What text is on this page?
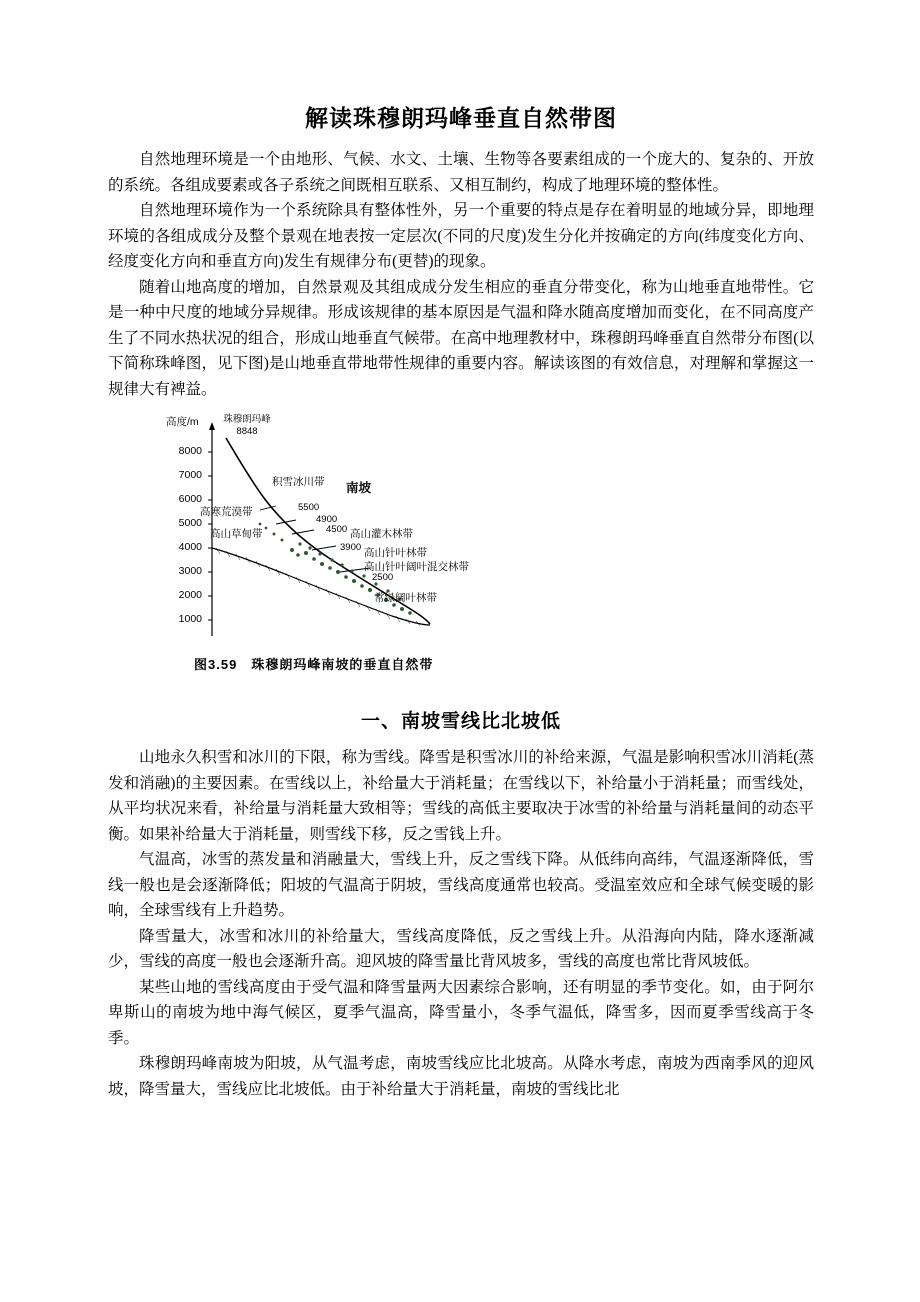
解读珠穆朗玛峰垂直自然带图

自然地理环境是一个由地形、气候、水文、土壤、生物等各要素组成的一个庞大的、复杂的、开放的系统。各组成要素或各子系统之间既相互联系、又相互制约，构成了地理环境的整体性。

自然地理环境作为一个系统除具有整体性外，另一个重要的特点是存在着明显的地域分异，即地理环境的各组成成分及整个景观在地表按一定层次(不同的尺度)发生分化并按确定的方向(纬度变化方向、经度变化方向和垂直方向)发生有规律分布(更替)的现象。

随着山地高度的增加，自然景观及其组成成分发生相应的垂直分带变化，称为山地垂直地带性。它是一种中尺度的地域分异规律。形成该规律的基本原因是气温和降水随高度增加而变化，在不同高度产生了不同水热状况的组合，形成山地垂直气候带。在高中地理教材中，珠穆朗玛峰垂直自然带分布图(以下简称珠峰图，见下图)是山地垂直带地带性规律的重要内容。解读该图的有效信息，对理解和掌握这一规律大有裨益。

高度/m
8000
7000
6000
5000
4000
3000
2000
1000
珠穆朗玛峰
8848
南坡
积雪冰川带
5500
高寒荒漠带
4900
高山草甸带	4500 高山灌木林带
3900 高山针叶林带
高山针叶阔叶混交林带
2500
常绿阔叶林带
图3.59 珠穆朗玛峰南坡的垂直自然带
一、南坡雪线比北坡低

山地永久积雪和冰川的下限，称为雪线。降雪是积雪冰川的补给来源，气温是影响积雪冰川消耗(蒸发和消融)的主要因素。在雪线以上，补给量大于消耗量；在雪线以下，补给量小于消耗量；而雪线处，从平均状况来看，补给量与消耗量大致相等；雪线的高低主要取决于冰雪的补给量与消耗量间的动态平衡。如果补给量大于消耗量，则雪线下移，反之雪钱上升。

气温高，冰雪的蒸发量和消融量大，雪线上升，反之雪线下降。从低纬向高纬，气温逐渐降低，雪线一般也是会逐渐降低；阳坡的气温高于阴坡，雪线高度通常也较高。受温室效应和全球气候变暖的影响，全球雪线有上升趋势。

降雪量大，冰雪和冰川的补给量大，雪线高度降低，反之雪线上升。从沿海向内陆，降水逐渐减少，雪线的高度一般也会逐渐升高。迎风坡的降雪量比背风坡多，雪线的高度也常比背风坡低。

某些山地的雪线高度由于受气温和降雪量两大因素综合影响，还有明显的季节变化。如，由于阿尔卑斯山的南坡为地中海气候区，夏季气温高，降雪量小，冬季气温低，降雪多，因而夏季雪线高于冬季。

珠穆朗玛峰南坡为阳坡，从气温考虑，南坡雪线应比北坡高。从降水考虑，南坡为西南季风的迎风坡，降雪量大，雪线应比北坡低。由于补给量大于消耗量，南坡的雪线比北
